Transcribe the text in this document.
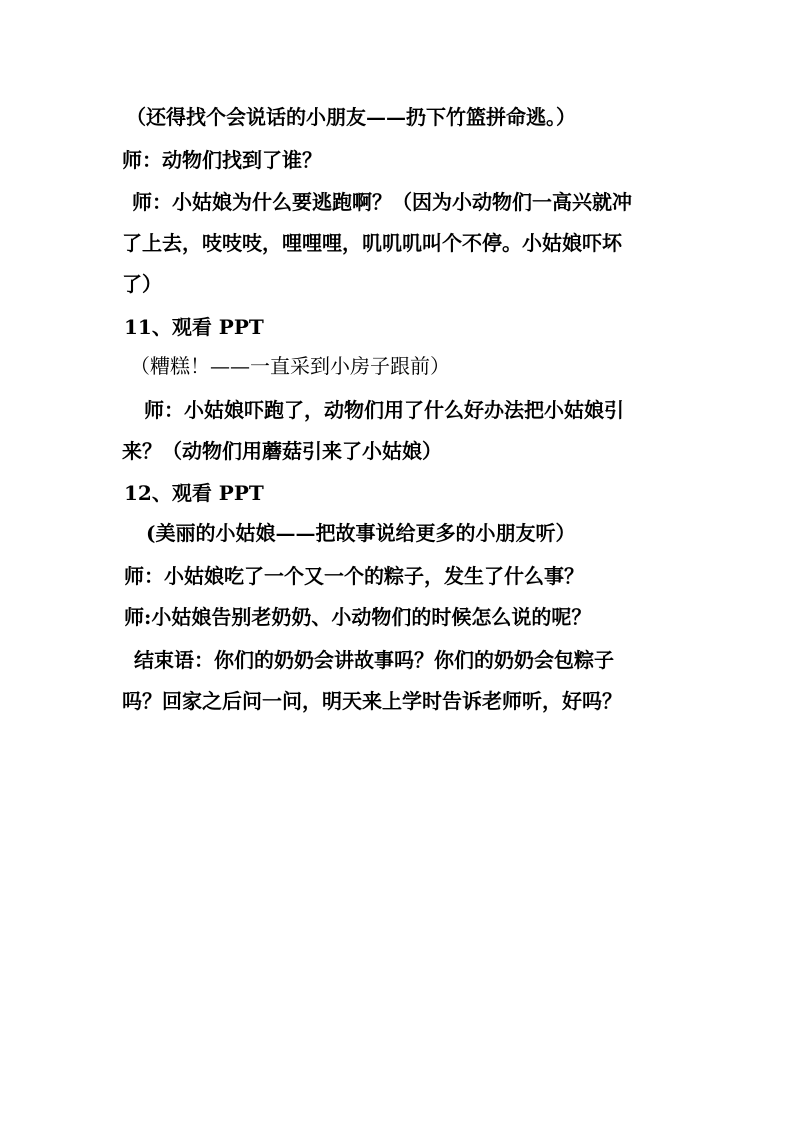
（还得找个会说话的小朋友——扔下竹篮拼命逃。）
师：动物们找到了谁？
师：小姑娘为什么要逃跑啊？（因为小动物们一高兴就冲
了上去，吱吱吱，哩哩哩，叽叽叽叫个不停。小姑娘吓坏
了）
11、观看 PPT
（糟糕！——一直采到小房子跟前）
师：小姑娘吓跑了，动物们用了什么好办法把小姑娘引
来？（动物们用蘑菇引来了小姑娘）
12、观看 PPT
(美丽的小姑娘——把故事说给更多的小朋友听）
师：小姑娘吃了一个又一个的粽子，发生了什么事？
师:小姑娘告别老奶奶、小动物们的时候怎么说的呢？
结束语：你们的奶奶会讲故事吗？你们的奶奶会包粽子
吗？回家之后问一问，明天来上学时告诉老师听，好吗？
